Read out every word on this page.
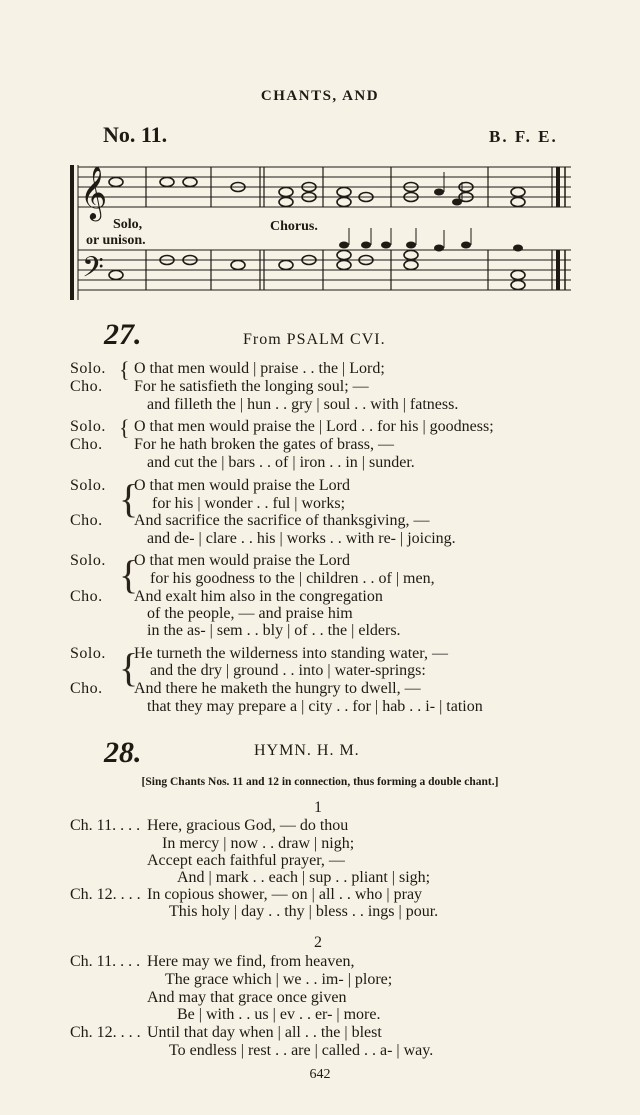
CHANTS, AND
No. 11.	B. F. E.
𝄞
𝄢
Solo,
or unison.
Chorus.
27.	From PSALM CVI.
Solo. O that men would | praise . . the | Lord;
Cho. For he satisfieth the longing soul; —
and filleth the | hun . . gry | soul . . with | fatness.
{
Solo. O that men would praise the | Lord . . for his | goodness;
Cho. For he hath broken the gates of brass, —
and cut the | bars . . of | iron . . in | sunder.
{
Solo. O that men would praise the Lord
for his | wonder . . ful | works;
Cho. And sacrifice the sacrifice of thanksgiving, —
and de- | clare . . his | works . . with re- | joicing.
{
Solo. O that men would praise the Lord
for his goodness to the | children . . of | men,
Cho. And exalt him also in the congregation
of the people, — and praise him
in the as- | sem . . bly | of . . the | elders.
{
Solo. He turneth the wilderness into standing water, —
and the dry | ground . . into | water-springs:
Cho. And there he maketh the hungry to dwell, —
that they may prepare a | city . . for | hab . . i- | tation
{
28.	HYMN. H. M.
[Sing Chants Nos. 11 and 12 in connection, thus forming a double chant.]
1
Ch. 11. . . . Here, gracious God, — do thou
In mercy | now . . draw | nigh;
Accept each faithful prayer, —
And | mark . . each | sup . . pliant | sigh;
Ch. 12. . . . In copious shower, — on | all . . who | pray
This holy | day . . thy | bless . . ings | pour.
2
Ch. 11. . . . Here may we find, from heaven,
The grace which | we . . im- | plore;
And may that grace once given
Be | with . . us | ev . . er- | more.
Ch. 12. . . . Until that day when | all . . the | blest
To endless | rest . . are | called . . a- | way.
642
